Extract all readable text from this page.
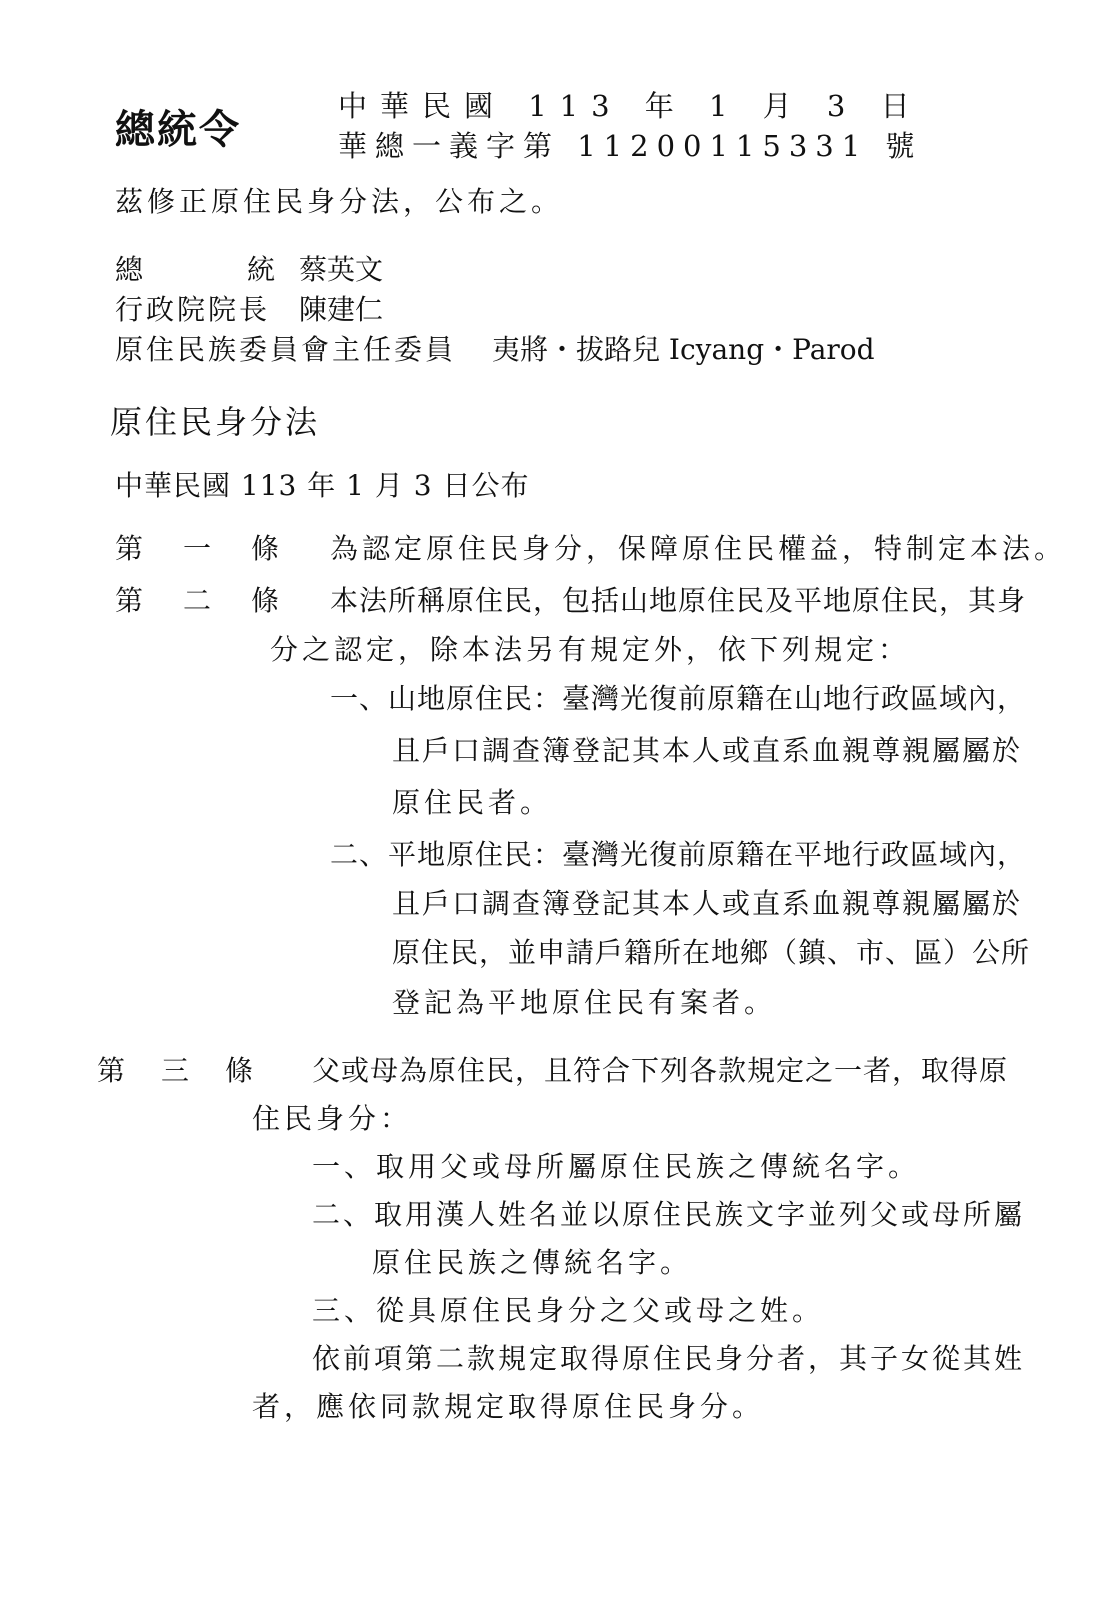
總統令
中華民國 113 年 1 月 3 日
華總一義字第 11200115331 號
茲修正原住民身分法，公布之。
總　　　統 蔡英文
行政院院長 陳建仁
原住民族委員會主任委員 夷將・拔路兒 Icyang・Parod
原住民身分法
中華民國 113 年 1 月 3 日公布
第 一 條 為認定原住民身分，保障原住民權益，特制定本法。
第 二 條 本法所稱原住民，包括山地原住民及平地原住民，其身
分之認定，除本法另有規定外，依下列規定：
一、山地原住民：臺灣光復前原籍在山地行政區域內，
且戶口調查簿登記其本人或直系血親尊親屬屬於
原住民者。
二、平地原住民：臺灣光復前原籍在平地行政區域內，
且戶口調查簿登記其本人或直系血親尊親屬屬於
原住民，並申請戶籍所在地鄉（鎮、市、區）公所
登記為平地原住民有案者。
第 三 條 父或母為原住民，且符合下列各款規定之一者，取得原
住民身分：
一、取用父或母所屬原住民族之傳統名字。
二、取用漢人姓名並以原住民族文字並列父或母所屬
原住民族之傳統名字。
三、從具原住民身分之父或母之姓。
依前項第二款規定取得原住民身分者，其子女從其姓
者，應依同款規定取得原住民身分。
